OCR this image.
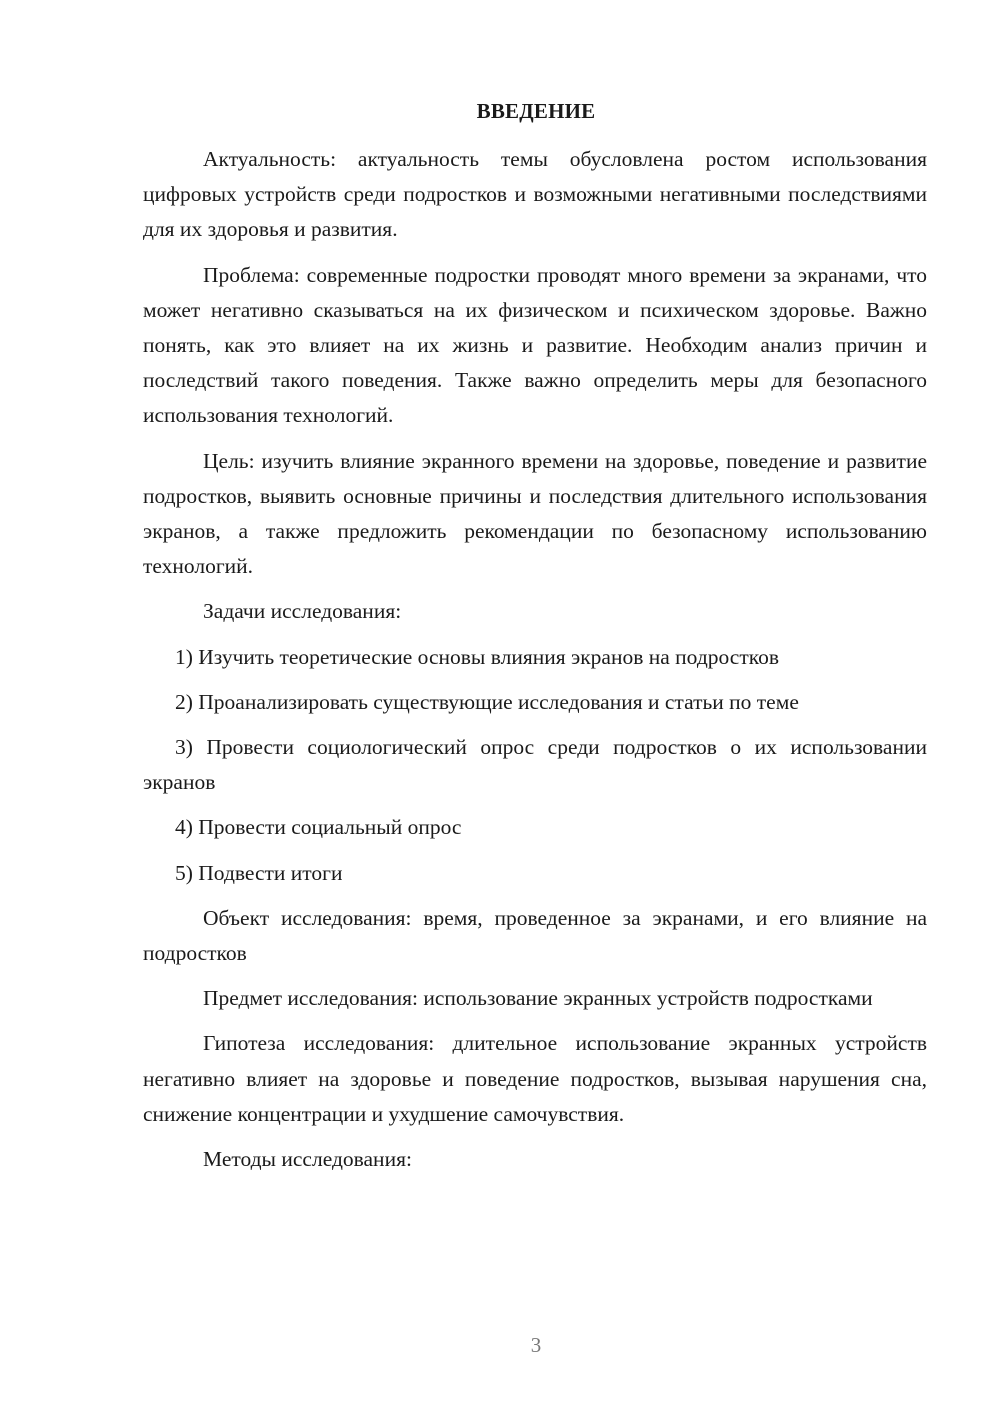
ВВЕДЕНИЕ

Актуальность: актуальность темы обусловлена ростом использования цифровых устройств среди подростков и возможными негативными последствиями для их здоровья и развития.

Проблема: современные подростки проводят много времени за экранами, что может негативно сказываться на их физическом и психическом здоровье. Важно понять, как это влияет на их жизнь и развитие. Необходим анализ причин и последствий такого поведения. Также важно определить меры для безопасного использования технологий.

Цель: изучить влияние экранного времени на здоровье, поведение и развитие подростков, выявить основные причины и последствия длительного использования экранов, а также предложить рекомендации по безопасному использованию технологий.

Задачи исследования:

1) Изучить теоретические основы влияния экранов на подростков

2) Проанализировать существующие исследования и статьи по теме

3) Провести социологический опрос среди подростков о их использовании экранов

4) Провести социальный опрос

5) Подвести итоги

Объект исследования: время, проведенное за экранами, и его влияние на подростков

Предмет исследования: использование экранных устройств подростками

Гипотеза исследования: длительное использование экранных устройств негативно влияет на здоровье и поведение подростков, вызывая нарушения сна, снижение концентрации и ухудшение самочувствия.

Методы исследования:

3
